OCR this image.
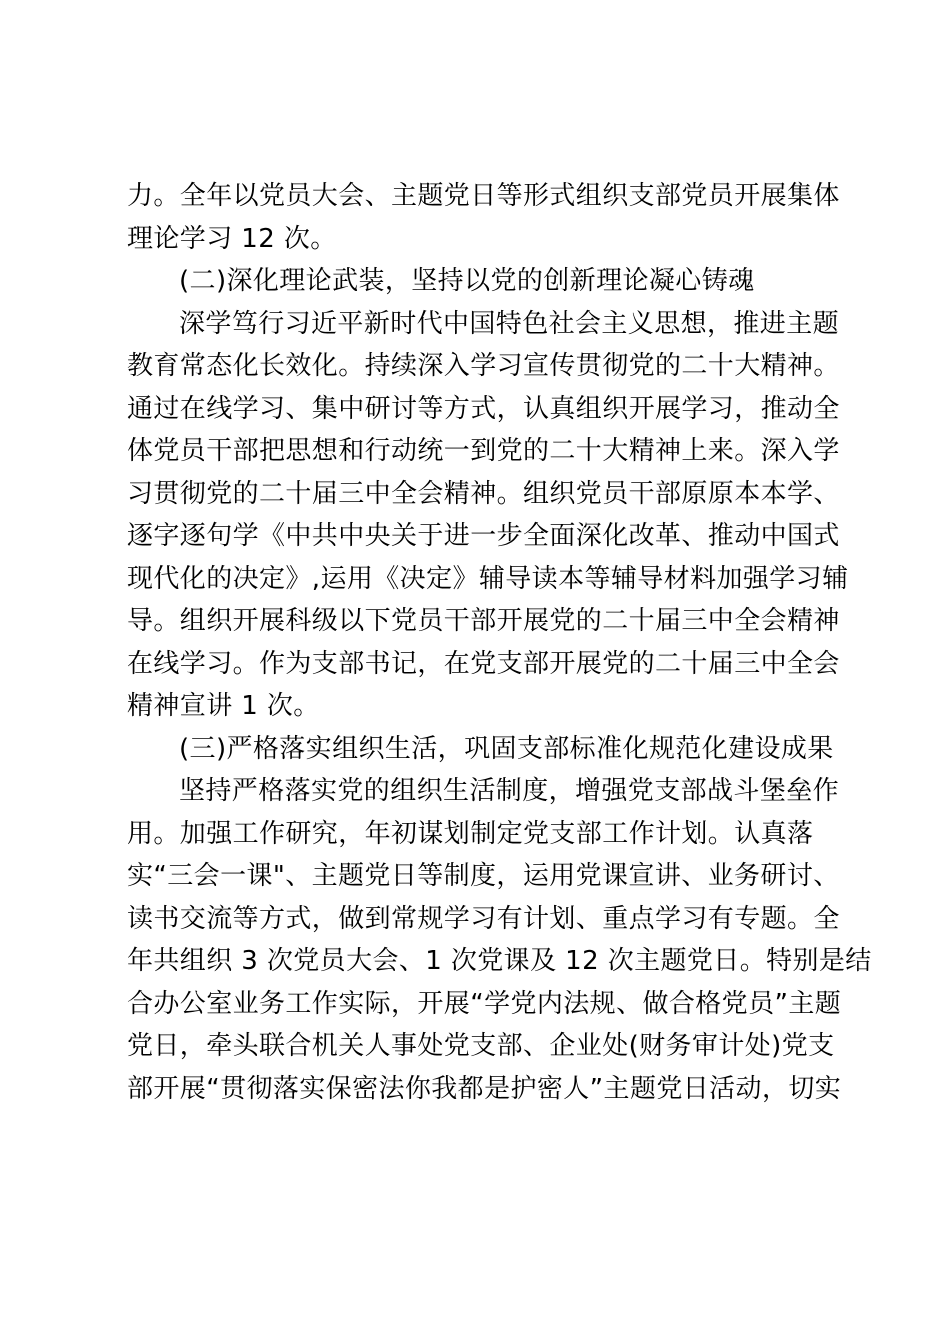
力。全年以党员大会、主题党日等形式组织支部党员开展集体
理论学习 12 次。
(二)深化理论武装，坚持以党的创新理论凝心铸魂
深学笃行习近平新时代中国特色社会主义思想，推进主题
教育常态化长效化。持续深入学习宣传贯彻党的二十大精神。
通过在线学习、集中研讨等方式，认真组织开展学习，推动全
体党员干部把思想和行动统一到党的二十大精神上来。深入学
习贯彻党的二十届三中全会精神。组织党员干部原原本本学、
逐字逐句学《中共中央关于进一步全面深化改革、推动中国式
现代化的决定》,运用《决定》辅导读本等辅导材料加强学习辅
导。组织开展科级以下党员干部开展党的二十届三中全会精神
在线学习。作为支部书记，在党支部开展党的二十届三中全会
精神宣讲 1 次。
(三)严格落实组织生活，巩固支部标准化规范化建设成果
坚持严格落实党的组织生活制度，增强党支部战斗堡垒作
用。加强工作研究，年初谋划制定党支部工作计划。认真落
实“三会一课"、主题党日等制度，运用党课宣讲、业务研讨、
读书交流等方式，做到常规学习有计划、重点学习有专题。全
年共组织 3 次党员大会、1 次党课及 12 次主题党日。特别是结
合办公室业务工作实际，开展“学党内法规、做合格党员”主题
党日，牵头联合机关人事处党支部、企业处(财务审计处)党支
部开展“贯彻落实保密法你我都是护密人”主题党日活动，切实
